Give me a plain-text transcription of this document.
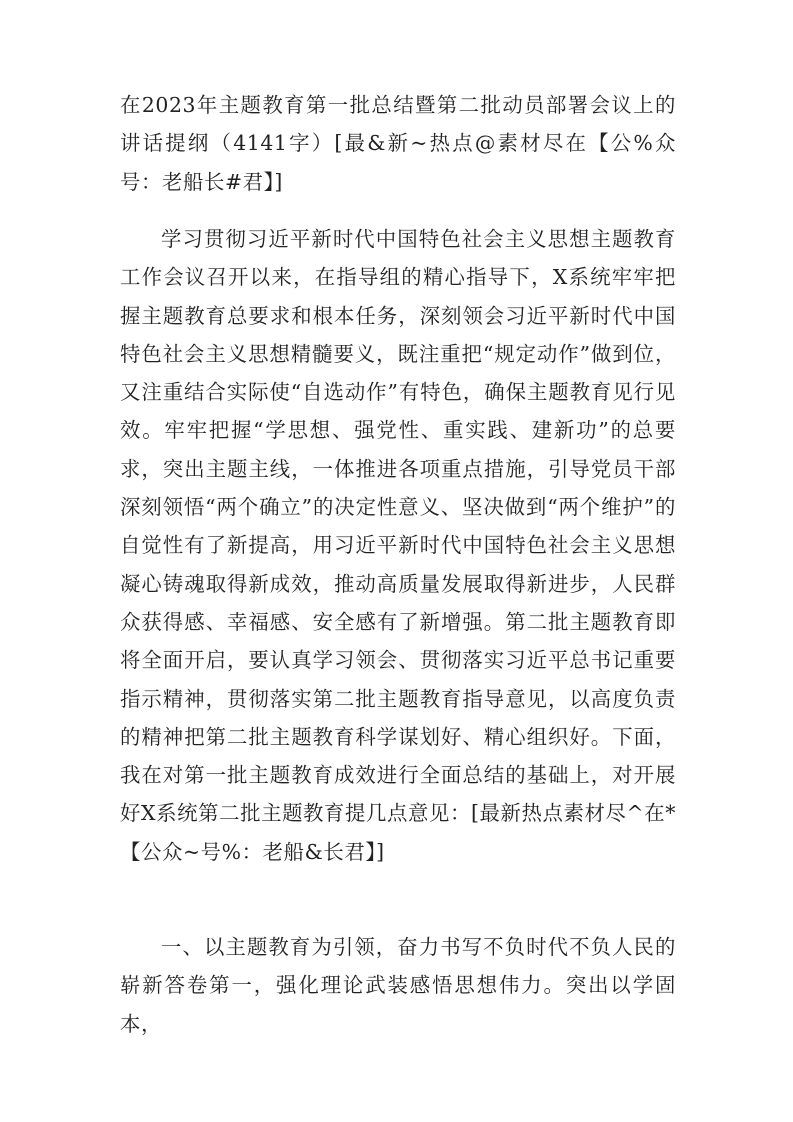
在2023年主题教育第一批总结暨第二批动员部署会议上的讲话提纲（4141字）[最&新~热点@素材尽在【公%众号：老船长#君】]

学习贯彻习近平新时代中国特色社会主义思想主题教育工作会议召开以来，在指导组的精心指导下，X系统牢牢把握主题教育总要求和根本任务，深刻领会习近平新时代中国特色社会主义思想精髓要义，既注重把“规定动作”做到位，又注重结合实际使“自选动作”有特色，确保主题教育见行见效。牢牢把握“学思想、强党性、重实践、建新功”的总要求，突出主题主线，一体推进各项重点措施，引导党员干部深刻领悟“两个确立”的决定性意义、坚决做到“两个维护”的自觉性有了新提高，用习近平新时代中国特色社会主义思想凝心铸魂取得新成效，推动高质量发展取得新进步，人民群众获得感、幸福感、安全感有了新增强。第二批主题教育即将全面开启，要认真学习领会、贯彻落实习近平总书记重要指示精神，贯彻落实第二批主题教育指导意见，以高度负责的精神把第二批主题教育科学谋划好、精心组织好。下面，我在对第一批主题教育成效进行全面总结的基础上，对开展好X系统第二批主题教育提几点意见：[最新热点素材尽^在*【公众~号%：老船&长君】]

一、以主题教育为引领，奋力书写不负时代不负人民的崭新答卷第一，强化理论武装感悟思想伟力。突出以学固本，
